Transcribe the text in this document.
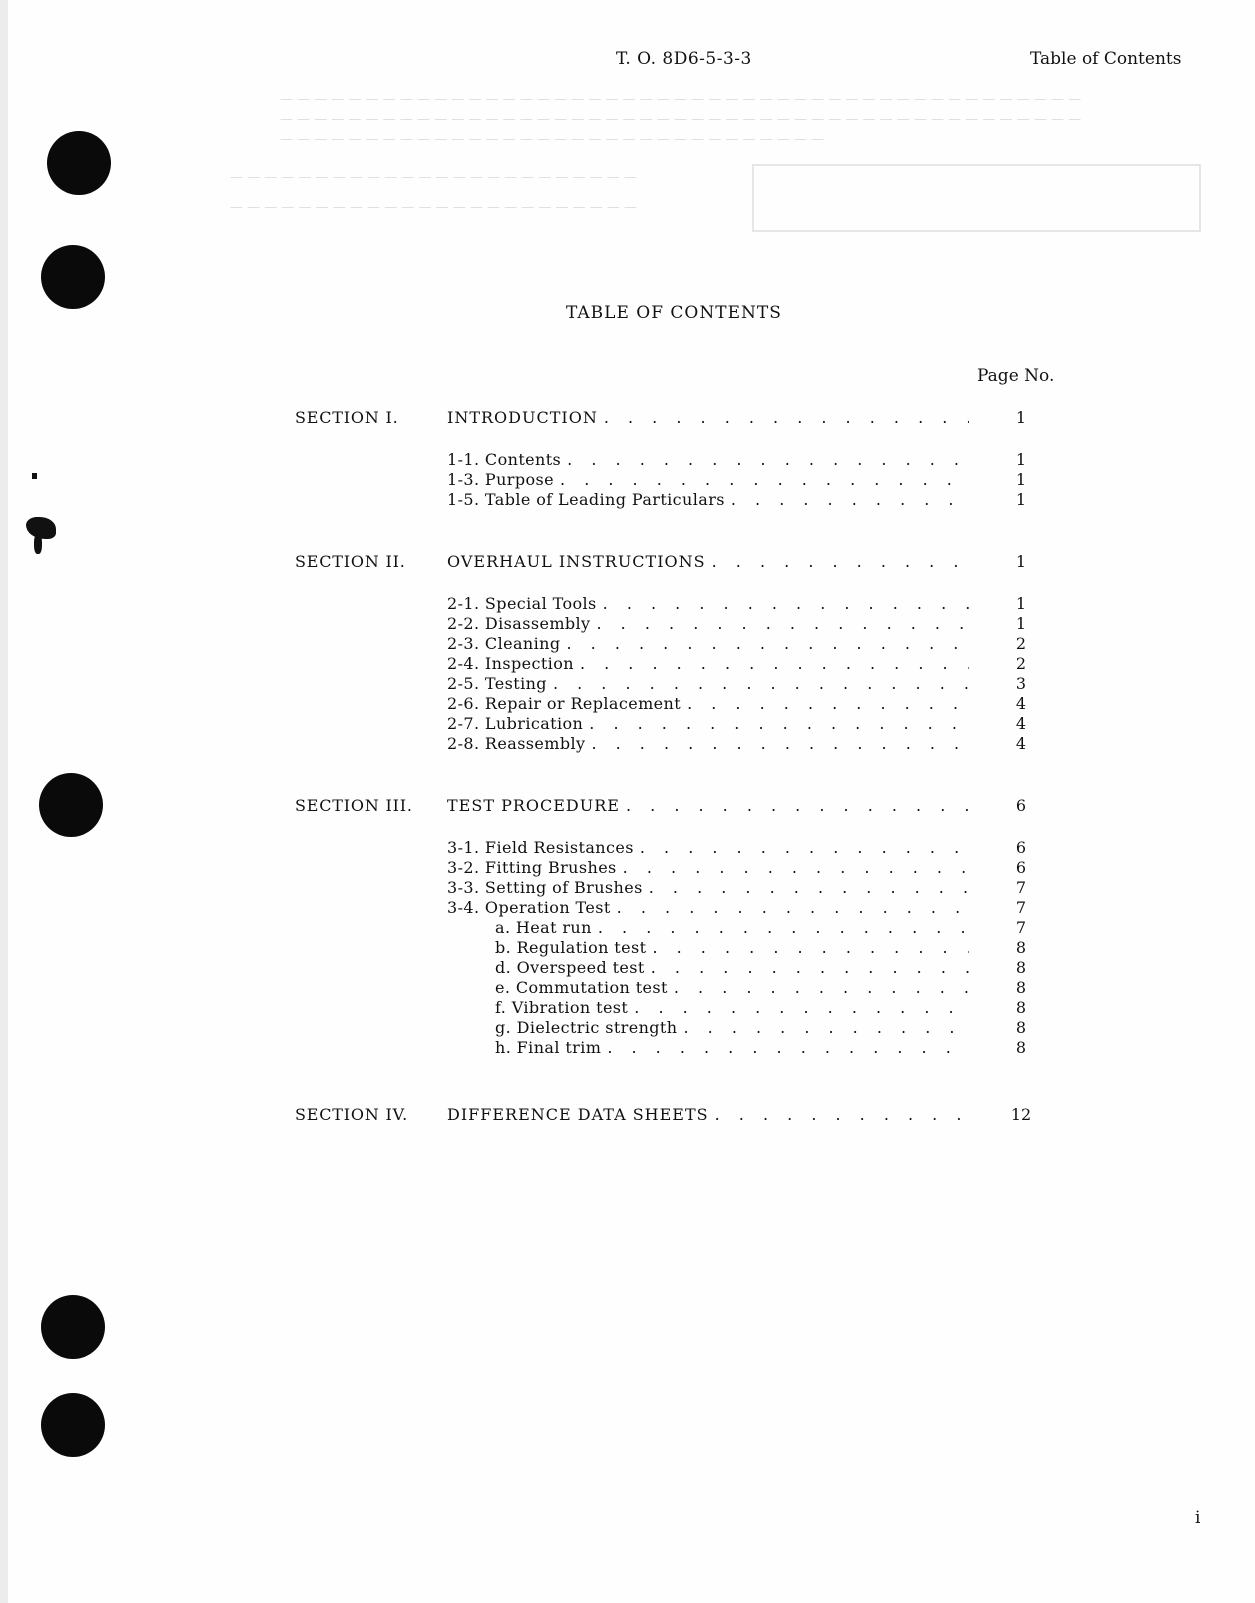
— — — — — — — — — — — — — — — — — — — — — — — — — — — — — — — — — — — — — — — — — — — — — — —
— — — — — — — — — — — — — — — — — — — — — — — — — — — — — — — — — — — — — — — — — — — — — — —
— — — — — — — — — — — — — — — — — — — — — — — — — — — — — — — —
— — — — — — — — — — — — — — — — — — — — — — — —
— — — — — — — — — — — — — — — — — — — — — — — —
T. O. 8D6-5-3-3	Table of Contents
TABLE OF CONTENTS
Page No.
SECTION I.	INTRODUCTION . . .	1
1-1. Contents . . .	1
1-3. Purpose . . .	1
1-5. Table of Leading Particulars . . .	1
SECTION II.	OVERHAUL INSTRUCTIONS . . .	1
2-1. Special Tools . . .	1
2-2. Disassembly . . .	1
2-3. Cleaning . . .	2
2-4. Inspection . . .	2
2-5. Testing . . .	3
2-6. Repair or Replacement . . .	4
2-7. Lubrication . . .	4
2-8. Reassembly . . .	4
SECTION III. TEST PROCEDURE . . .	6
3-1. Field Resistances . . .	6
3-2. Fitting Brushes . . .	6
3-3. Setting of Brushes . . .	7
3-4. Operation Test . . .	7
a. Heat run . . .	7
b. Regulation test . . .	8
d. Overspeed test . . .	8
e. Commutation test . . .	8
f. Vibration test . . .	8
g. Dielectric strength . . .	8
h. Final trim . . .	8
SECTION IV. DIFFERENCE DATA SHEETS . . .	12
i
